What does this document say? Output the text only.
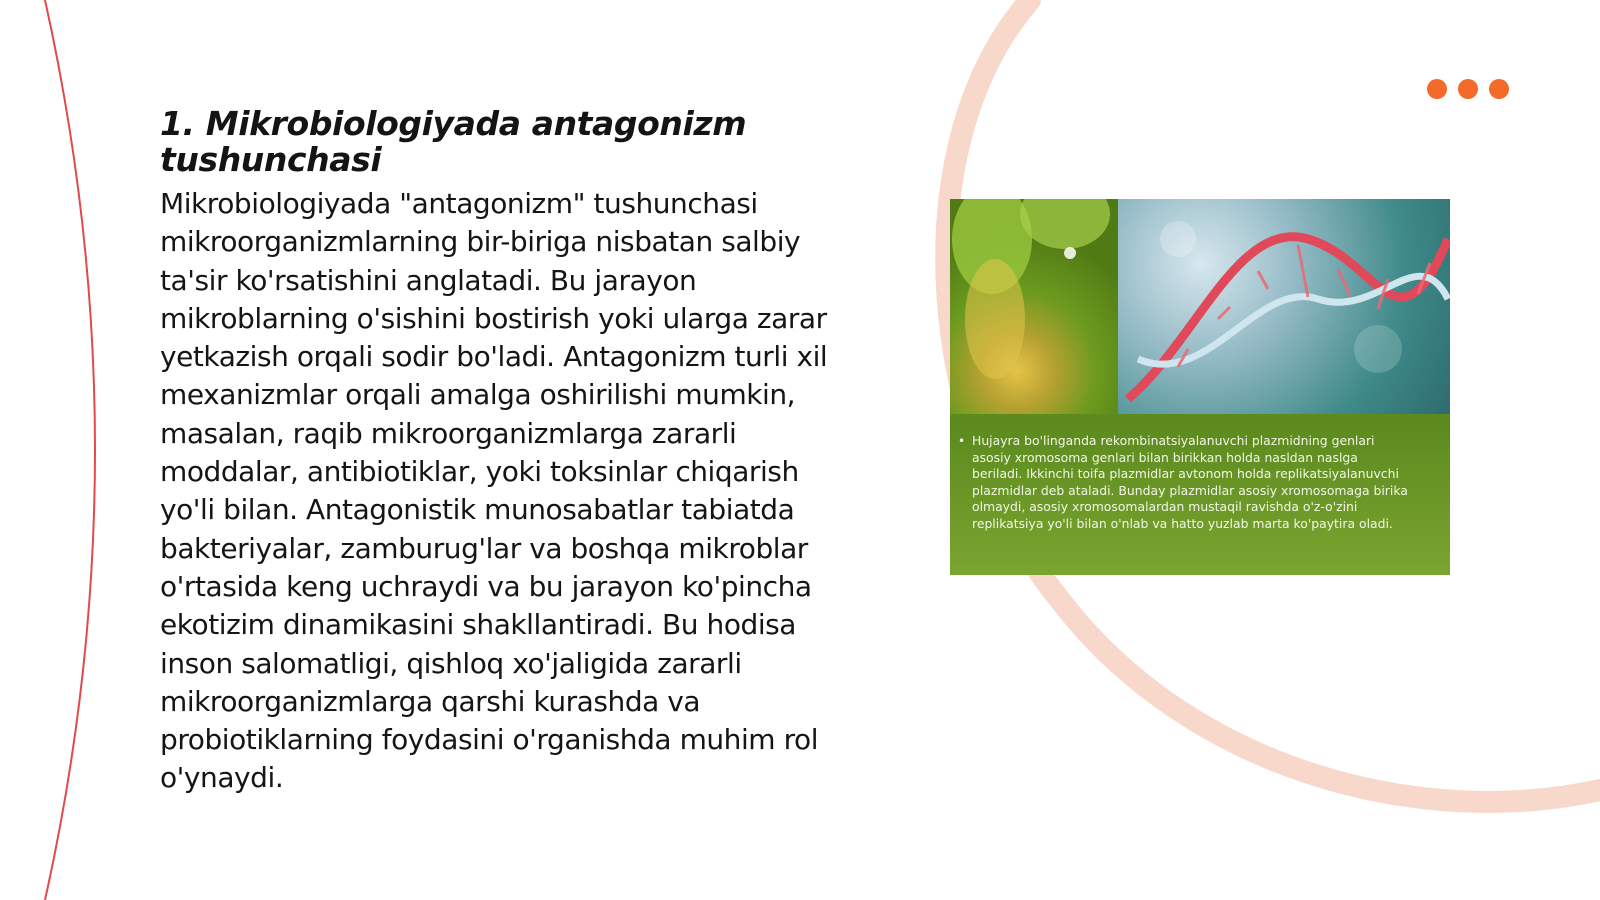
1. Mikrobiologiyada antagonizm tushunchasi

Mikrobiologiyada "antagonizm" tushunchasi mikroorganizmlarning bir-biriga nisbatan salbiy ta'sir ko'rsatishini anglatadi. Bu jarayon mikroblarning o'sishini bostirish yoki ularga zarar yetkazish orqali sodir bo'ladi. Antagonizm turli xil mexanizmlar orqali amalga oshirilishi mumkin, masalan, raqib mikroorganizmlarga zararli moddalar, antibiotiklar, yoki toksinlar chiqarish yo'li bilan. Antagonistik munosabatlar tabiatda bakteriyalar, zamburug'lar va boshqa mikroblar o'rtasida keng uchraydi va bu jarayon ko'pincha ekotizim dinamikasini shakllantiradi. Bu hodisa inson salomatligi, qishloq xo'jaligida zararli mikroorganizmlarga qarshi kurashda va probiotiklarning foydasini o'rganishda muhim rol o'ynaydi.

• Hujayra bo'linganda rekombinatsiyalanuvchi plazmidning genlari asosiy xromosoma genlari bilan birikkan holda nasldan naslga beriladi. Ikkinchi toifa plazmidlar avtonom holda replikatsiyalanuvchi plazmidlar deb ataladi. Bunday plazmidlar asosiy xromosomaga birika olmaydi, asosiy xromosomalardan mustaqil ravishda o'z-o'zini replikatsiya yo'li bilan o'nlab va hatto yuzlab marta ko'paytira oladi.
